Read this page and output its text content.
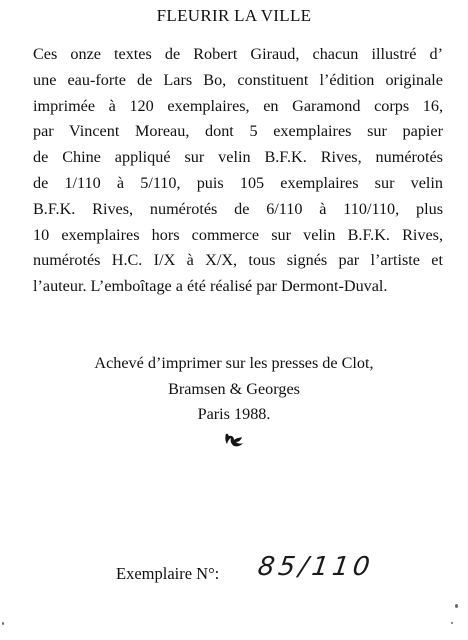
FLEURIR LA VILLE
Ces onze textes de Robert Giraud, chacun illustré d’
une eau-forte de Lars Bo, constituent l’édition originale
imprimée à 120 exemplaires, en Garamond corps 16,
par Vincent Moreau, dont 5 exemplaires sur papier
de Chine appliqué sur velin B.F.K. Rives, numérotés
de 1/110 à 5/110, puis 105 exemplaires sur velin
B.F.K. Rives, numérotés de 6/110 à 110/110, plus
10 exemplaires hors commerce sur velin B.F.K. Rives,
numérotés H.C. I/X à X/X, tous signés par l’artiste et
l’auteur. L’emboîtage a été réalisé par Dermont-Duval.
Achevé d’imprimer sur les presses de Clot,
Bramsen & Georges
Paris 1988.
Exemplaire N°: 85/110
